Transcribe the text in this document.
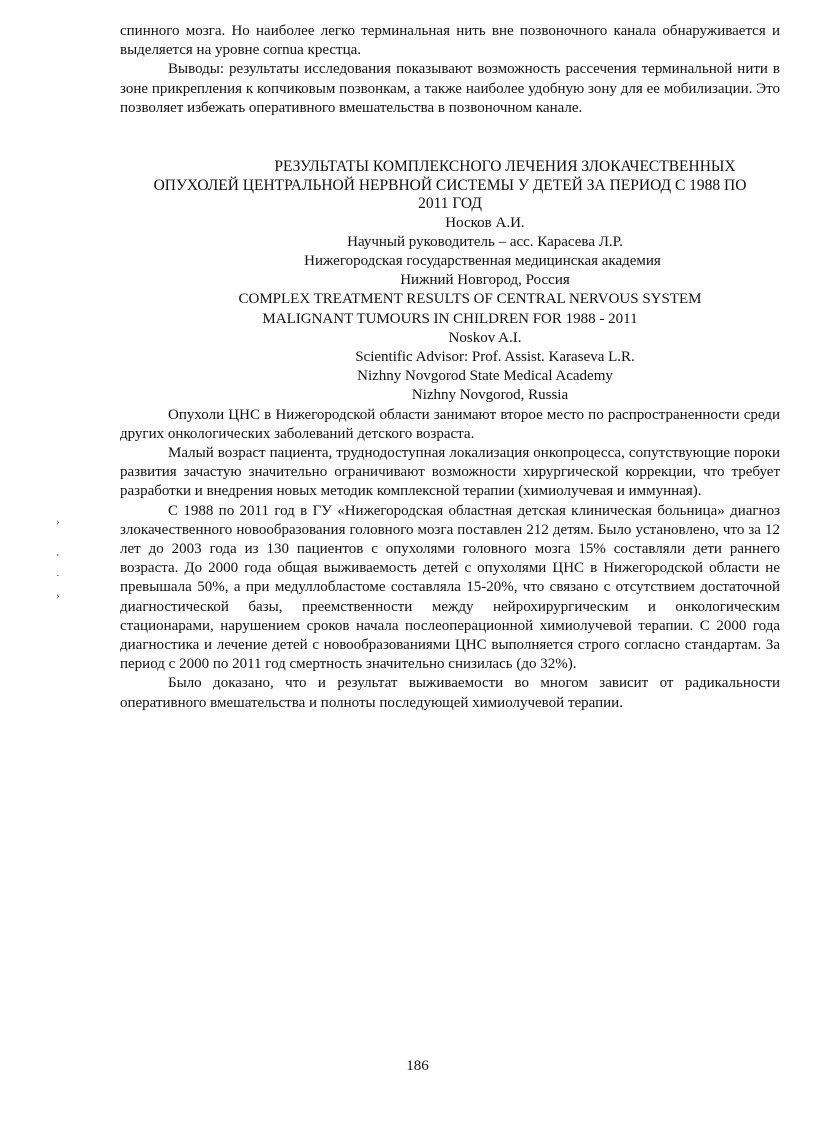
спинного мозга. Но наиболее легко терминальная нить вне позвоночного канала обнаруживается и выделяется на уровне cornua крестца.

Выводы: результаты исследования показывают возможность рассечения терминальной нити в зоне прикрепления к копчиковым позвонкам, а также наиболее удобную зону для ее мобилизации. Это позволяет избежать оперативного вмешательства в позвоночном канале.

РЕЗУЛЬТАТЫ КОМПЛЕКСНОГО ЛЕЧЕНИЯ ЗЛОКАЧЕСТВЕННЫХ
ОПУХОЛЕЙ ЦЕНТРАЛЬНОЙ НЕРВНОЙ СИСТЕМЫ У ДЕТЕЙ ЗА ПЕРИОД С 1988 ПО
2011 ГОД
Носков А.И.
Научный руководитель – асс. Карасева Л.Р.
Нижегородская государственная медицинская академия
Нижний Новгород, Россия
COMPLEX TREATMENT RESULTS OF CENTRAL NERVOUS SYSTEM
MALIGNANT TUMOURS IN CHILDREN FOR 1988 - 2011
Noskov A.I.
Scientific Advisor: Prof. Assist. Karaseva L.R.
Nizhny Novgorod State Medical Academy
Nizhny Novgorod, Russia

Опухоли ЦНС в Нижегородской области занимают второе место по распространенности среди других онкологических заболеваний детского возраста.

Малый возраст пациента, труднодоступная локализация онкопроцесса, сопутствующие пороки развития зачастую значительно ограничивают возможности хирургической коррекции, что требует разработки и внедрения новых методик комплексной терапии (химиолучевая и иммунная).

С 1988 по 2011 год в ГУ «Нижегородская областная детская клиническая больница» диагноз злокачественного новообразования головного мозга поставлен 212 детям. Было установлено, что за 12 лет до 2003 года из 130 пациентов с опухолями головного мозга 15% составляли дети раннего возраста. До 2000 года общая выживаемость детей с опухолями ЦНС в Нижегородской области не превышала 50%, а при медуллобластоме составляла 15-20%, что связано с отсутствием достаточной диагностической базы, преемственности между нейрохирургическим и онкологическим стационарами, нарушением сроков начала послеоперационной химиолучевой терапии. С 2000 года диагностика и лечение детей с новообразованиями ЦНС выполняется строго согласно стандартам. За период с 2000 по 2011 год смертность значительно снизилась (до 32%).

Было доказано, что и результат выживаемости во многом зависит от радикальности оперативного вмешательства и полноты последующей химиолучевой терапии.

›
‧
·
›
186
